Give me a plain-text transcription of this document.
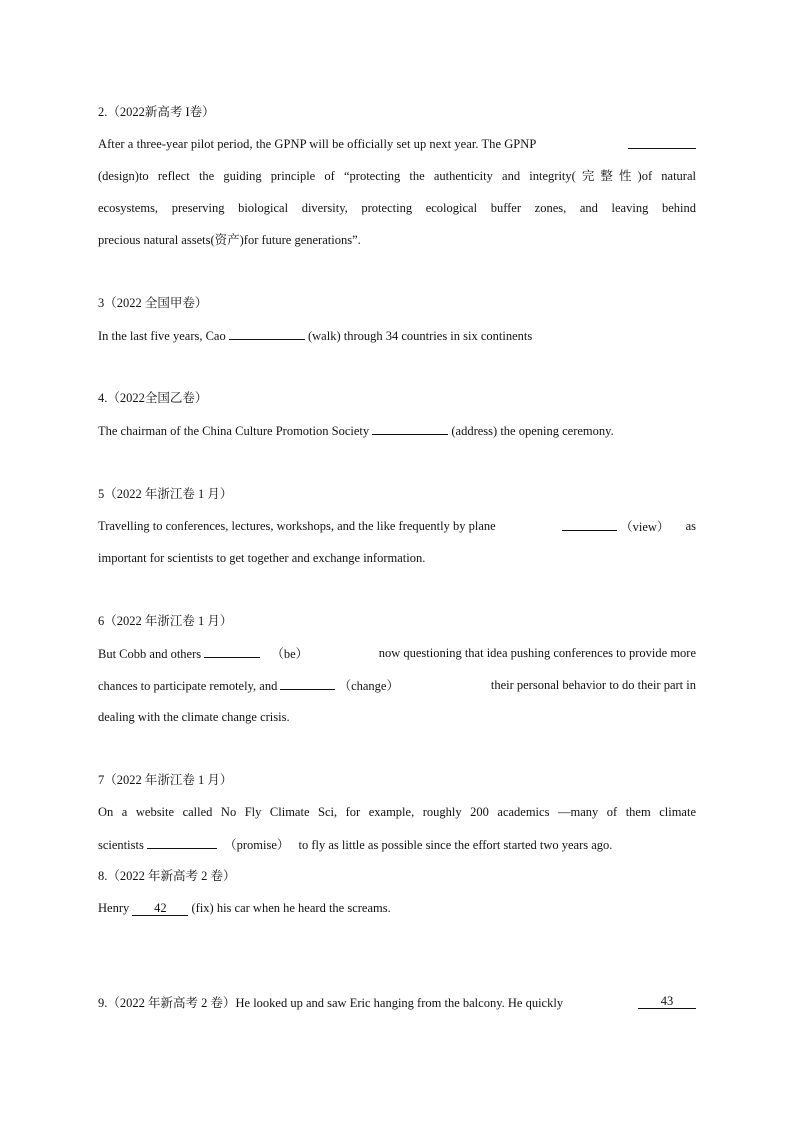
2.（2022新高考 I卷）
After a three-year pilot period, the GPNP will be officially set up next year. The GPNP
(design)to reflect the guiding principle of “protecting the authenticity and integrity(完整性)of natural
ecosystems, preserving biological diversity, protecting ecological buffer zones, and leaving behind
precious natural assets(资产)for future generations”.
3（2022 全国甲卷）
In the last five years, Cao	(walk) through 34 countries in six continents
4.（2022全国乙卷）
The chairman of the China Culture Promotion Society	(address) the opening ceremony.
5（2022 年浙江卷 1 月）
Travelling to conferences, lectures, workshops, and the like frequently by plane	（view） as
important for scientists to get together and exchange information.
6（2022 年浙江卷 1 月）
But Cobb and others	（be）	now questioning that idea pushing conferences to provide more
chances to participate remotely, and	（change）	their personal behavior to do their part in
dealing with the climate change crisis.
7（2022 年浙江卷 1 月）
On a website called No Fly Climate Sci, for example, roughly 200 academics —many of them climate
scientists	（promise） to fly as little as possible since the effort started two years ago.
8.（2022 年新高考 2 卷）
Henry 42 (fix) his car when he heard the screams.
9.（2022 年新高考 2 卷）He looked up and saw Eric hanging from the balcony. He quickly	43
